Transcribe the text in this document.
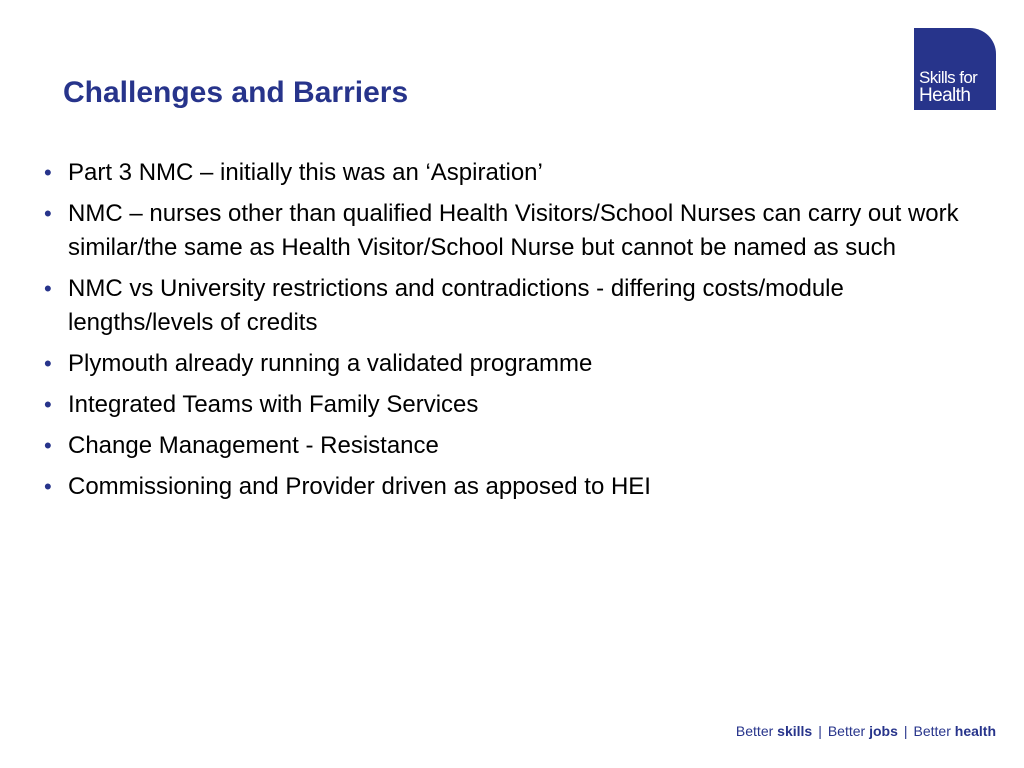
Challenges and Barriers	Skills for
Health
• Part 3 NMC – initially this was an ‘Aspiration’
• NMC – nurses other than qualified Health Visitors/School Nurses can carry out work similar/the same as Health Visitor/School Nurse but cannot be named as such
• NMC vs University restrictions and contradictions - differing costs/module lengths/levels of credits
• Plymouth already running a validated programme
• Integrated Teams with Family Services
• Change Management - Resistance
• Commissioning and Provider driven as apposed to HEI
Better skills | Better jobs | Better health
